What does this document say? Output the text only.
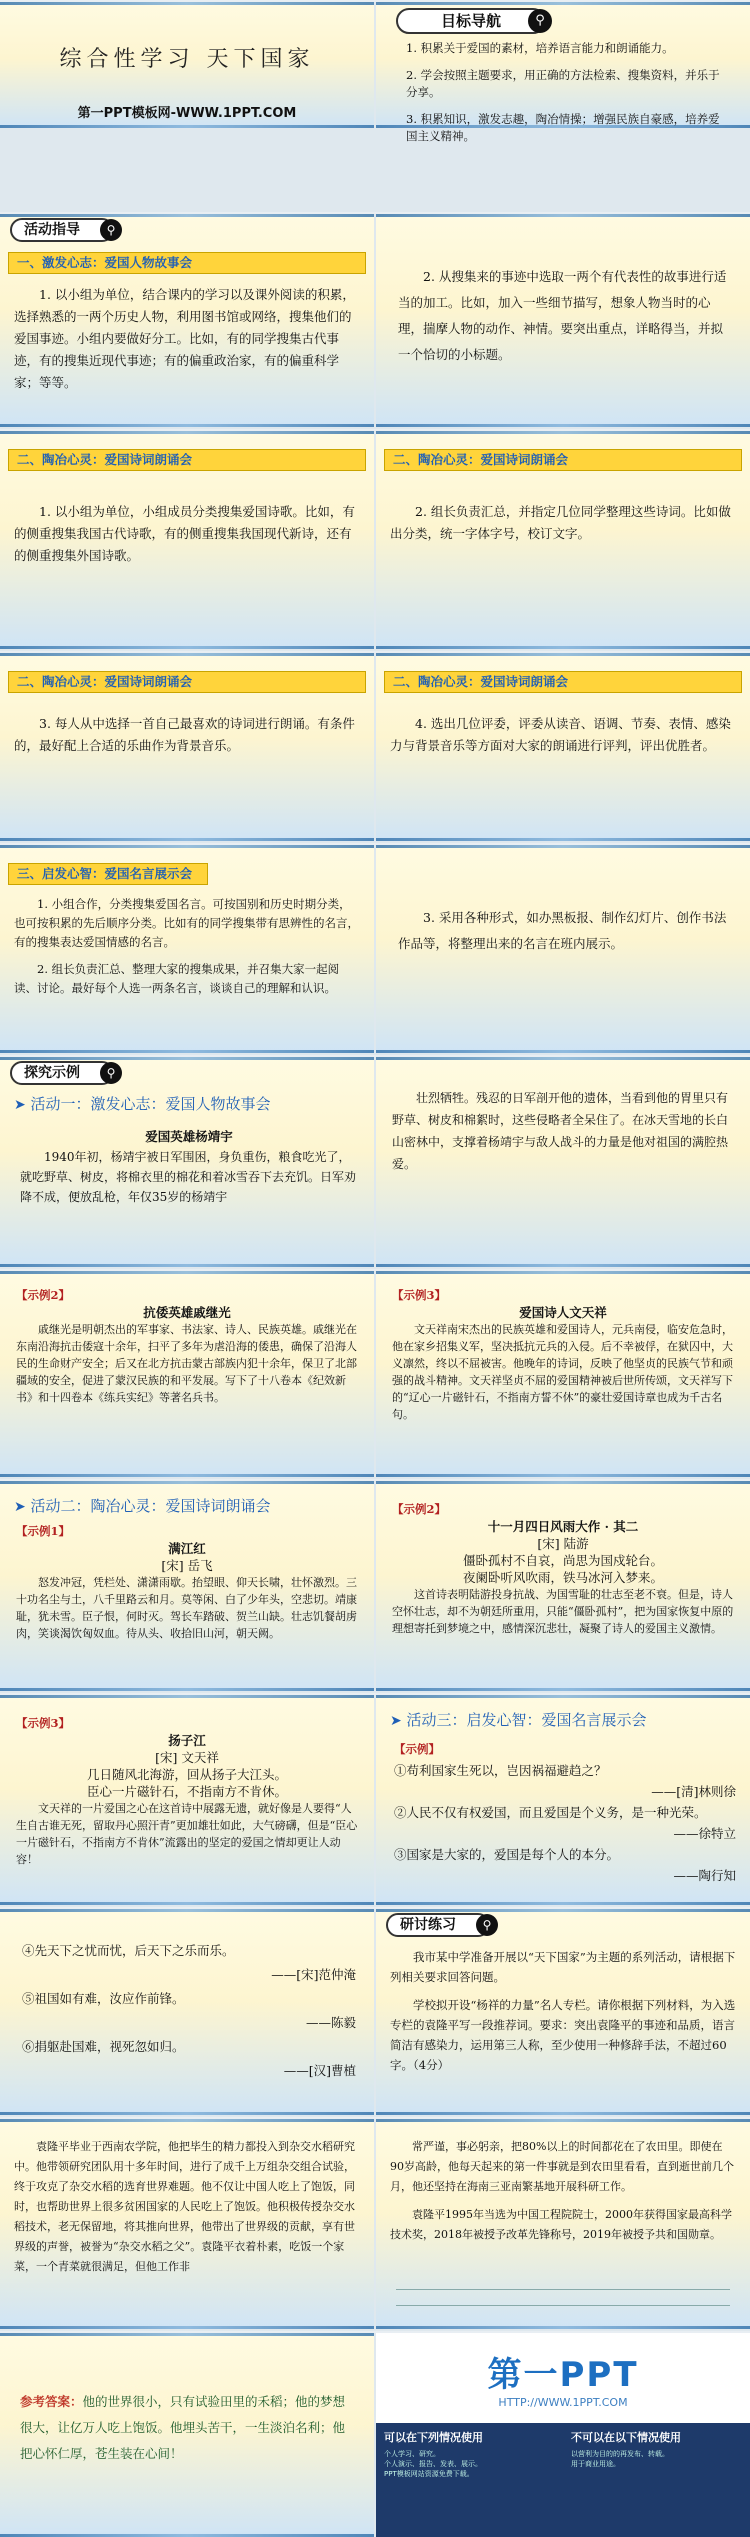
综合性学习 天下国家
第一PPT模板网-WWW.1PPT.COM
目标导航	⚲

1. 积累关于爱国的素材，培养语言能力和朗诵能力。

2. 学会按照主题要求，用正确的方法检索、搜集资料，并乐于分享。

3. 积累知识，激发志趣，陶冶情操；增强民族自豪感，培养爱国主义精神。

活动指导	⚲
一、激发心志：爱国人物故事会
1. 以小组为单位，结合课内的学习以及课外阅读的积累，选择熟悉的一两个历史人物，利用图书馆或网络，搜集他们的爱国事迹。小组内要做好分工。比如，有的同学搜集古代事迹，有的搜集近现代事迹；有的偏重政治家，有的偏重科学家；等等。
2. 从搜集来的事迹中选取一两个有代表性的故事进行适当的加工。比如，加入一些细节描写，想象人物当时的心理，揣摩人物的动作、神情。要突出重点，详略得当，并拟一个恰切的小标题。
二、陶冶心灵：爱国诗词朗诵会
1. 以小组为单位，小组成员分类搜集爱国诗歌。比如，有的侧重搜集我国古代诗歌，有的侧重搜集我国现代新诗，还有的侧重搜集外国诗歌。
二、陶冶心灵：爱国诗词朗诵会
2. 组长负责汇总，并指定几位同学整理这些诗词。比如做出分类，统一字体字号，校订文字。
二、陶冶心灵：爱国诗词朗诵会
3. 每人从中选择一首自己最喜欢的诗词进行朗诵。有条件的，最好配上合适的乐曲作为背景音乐。
二、陶冶心灵：爱国诗词朗诵会
4. 选出几位评委，评委从读音、语调、节奏、表情、感染力与背景音乐等方面对大家的朗诵进行评判，评出优胜者。
三、启发心智：爱国名言展示会

1. 小组合作，分类搜集爱国名言。可按国别和历史时期分类，也可按积累的先后顺序分类。比如有的同学搜集带有思辨性的名言，有的搜集表达爱国情感的名言。

2. 组长负责汇总、整理大家的搜集成果，并召集大家一起阅读、讨论。最好每个人选一两条名言，谈谈自己的理解和认识。

3. 采用各种形式，如办黑板报、制作幻灯片、创作书法作品等，将整理出来的名言在班内展示。
探究示例	⚲
➤ 活动一：激发心志：爱国人物故事会
爱国英雄杨靖宇

1940年初，杨靖宇被日军围困，身负重伤，粮食吃光了，就吃野草、树皮，将棉衣里的棉花和着冰雪吞下去充饥。日军劝降不成，便放乱枪，年仅35岁的杨靖宇

壮烈牺牲。残忍的日军剖开他的遗体，当看到他的胃里只有野草、树皮和棉絮时，这些侵略者全呆住了。在冰天雪地的长白山密林中，支撑着杨靖宇与敌人战斗的力量是他对祖国的满腔热爱。

【示例2】
抗倭英雄戚继光

戚继光是明朝杰出的军事家、书法家、诗人、民族英雄。戚继光在东南沿海抗击倭寇十余年，扫平了多年为虐沿海的倭患，确保了沿海人民的生命财产安全；后又在北方抗击蒙古部族内犯十余年，保卫了北部疆域的安全，促进了蒙汉民族的和平发展。写下了十八卷本《纪效新书》和十四卷本《练兵实纪》等著名兵书。

【示例3】
爱国诗人文天祥

文天祥南宋杰出的民族英雄和爱国诗人，元兵南侵，临安危急时，他在家乡招集义军，坚决抵抗元兵的入侵。后不幸被俘，在狱囚中，大义凛然，终以不屈被害。他晚年的诗词，反映了他坚贞的民族气节和顽强的战斗精神。文天祥坚贞不屈的爱国精神被后世所传颂，文天祥写下的“辽心一片磁针石，不指南方誓不休”的豪壮爱国诗章也成为千古名句。

➤ 活动二：陶冶心灵：爱国诗词朗诵会
【示例1】
满江红
[宋] 岳飞

怒发冲冠，凭栏处、潇潇雨歇。抬望眼、仰天长啸，壮怀激烈。三十功名尘与土，八千里路云和月。莫等闲、白了少年头，空悲切。靖康耻，犹未雪。臣子恨，何时灭。驾长车踏破、贺兰山缺。壮志饥餐胡虏肉，笑谈渴饮匈奴血。待从头、收拾旧山河，朝天阙。

【示例2】
十一月四日风雨大作 · 其二
[宋] 陆游
僵卧孤村不自哀，尚思为国戍轮台。
夜阑卧听风吹雨，铁马冰河入梦来。

这首诗表明陆游投身抗战、为国雪耻的壮志至老不衰。但是，诗人空怀壮志，却不为朝廷所重用，只能“僵卧孤村”，把为国家恢复中原的理想寄托到梦境之中，感情深沉悲壮，凝聚了诗人的爱国主义激情。

【示例3】
扬子江
[宋] 文天祥
几日随风北海游，回从扬子大江头。
臣心一片磁针石，不指南方不肯休。

文天祥的一片爱国之心在这首诗中展露无遗，就好像是人要得“人生自古谁无死，留取丹心照汗青”更加雄壮如此，大气磅礴，但是“臣心一片磁针石，不指南方不肯休”流露出的坚定的爱国之情却更让人动容！

➤ 活动三：启发心智：爱国名言展示会
【示例】
①苟利国家生死以，岂因祸福避趋之？
——[清]林则徐
②人民不仅有权爱国，而且爱国是个义务，是一种光荣。
——徐特立
③国家是大家的，爱国是每个人的本分。
——陶行知
④先天下之忧而忧，后天下之乐而乐。
——[宋]范仲淹
⑤祖国如有难，汝应作前锋。
——陈毅
⑥捐躯赴国难，视死忽如归。
——[汉]曹植
研讨练习	⚲

我市某中学准备开展以“天下国家”为主题的系列活动，请根据下列相关要求回答问题。

学校拟开设“杨祥的力量”名人专栏。请你根据下列材料，为入选专栏的袁隆平写一段推荐词。要求：突出袁隆平的事迹和品质，语言简洁有感染力，运用第三人称，至少使用一种修辞手法，不超过60字。（4分）

袁隆平毕业于西南农学院，他把毕生的精力都投入到杂交水稻研究中。他带领研究团队用十多年时间，进行了成千上万组杂交组合试验，终于攻克了杂交水稻的选育世界难题。他不仅让中国人吃上了饱饭，同时，也帮助世界上很多贫困国家的人民吃上了饱饭。他积极传授杂交水稻技术，老无保留地，将其推向世界，他带出了世界级的贡献，享有世界级的声誉，被誉为“杂交水稻之父”。袁隆平衣着朴素，吃饭一个家菜，一个青菜就很满足，但他工作非

常严谨，事必躬亲，把80%以上的时间都花在了农田里。即使在90岁高龄，他每天起来的第一件事就是到农田里看看，直到逝世前几个月，他还坚持在海南三亚南繁基地开展科研工作。

袁隆平1995年当选为中国工程院院士，2000年获得国家最高科学技术奖，2018年被授予改革先锋称号，2019年被授予共和国勋章。

参考答案：他的世界很小，只有试验田里的禾稻；他的梦想很大，让亿万人吃上饱饭。他埋头苦干，一生淡泊名利；他把心怀仁厚，苍生装在心间！
第一PPT
HTTP://WWW.1PPT.COM
可以在下列情况使用
个人学习、研究。
个人演示、报告、发表、展示。
PPT模板网站资源免费下载。
不可以在以下情况使用
以营利为目的的再发布、转载。
用于商业用途。
